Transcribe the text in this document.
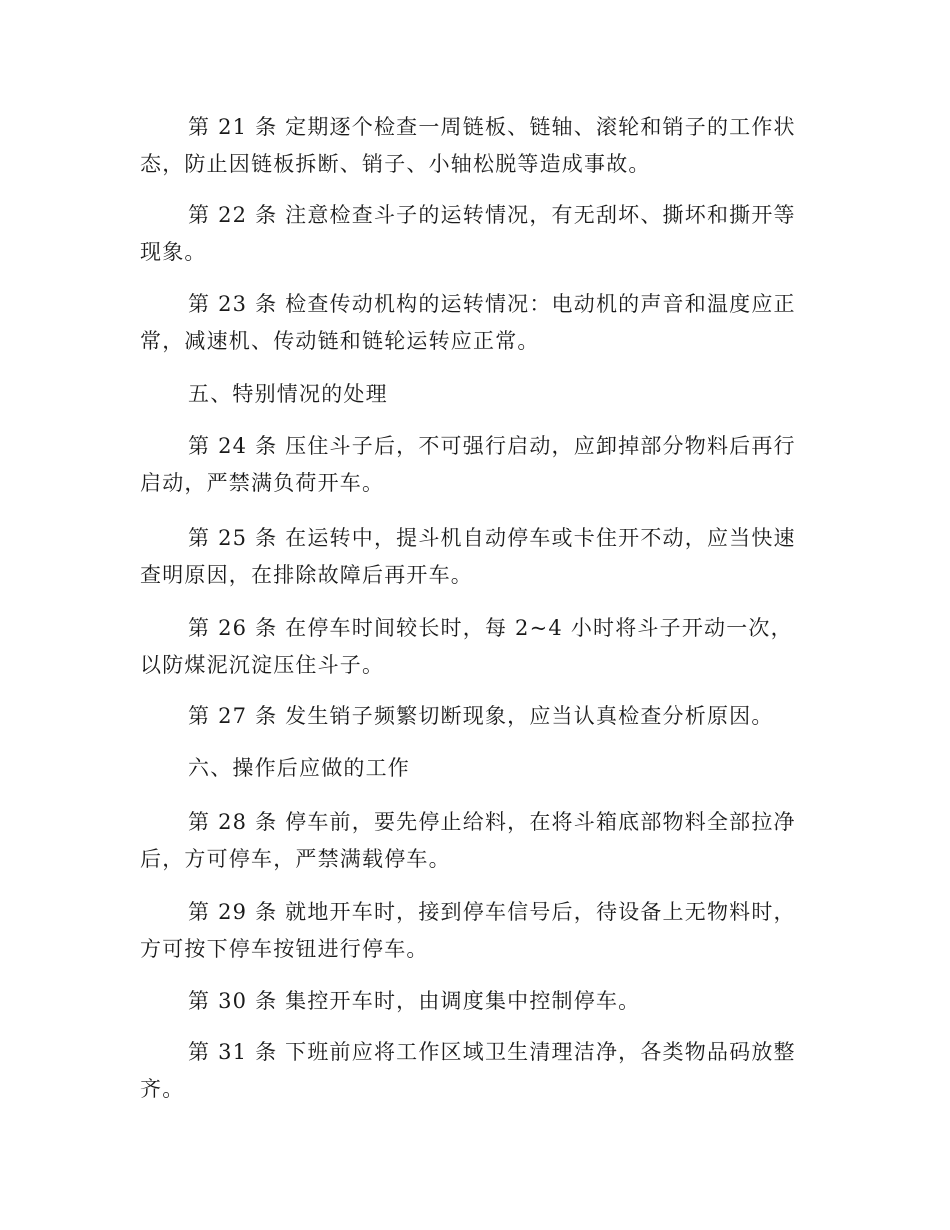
第 21 条 定期逐个检查一周链板、链轴、滚轮和销子的工作状态，防止因链板拆断、销子、小轴松脱等造成事故。

第 22 条 注意检查斗子的运转情况，有无刮坏、撕坏和撕开等现象。

第 23 条 检查传动机构的运转情况：电动机的声音和温度应正常，减速机、传动链和链轮运转应正常。

五、特别情况的处理

第 24 条 压住斗子后，不可强行启动，应卸掉部分物料后再行启动，严禁满负荷开车。

第 25 条 在运转中，提斗机自动停车或卡住开不动，应当快速查明原因，在排除故障后再开车。

第 26 条 在停车时间较长时，每 2~4 小时将斗子开动一次，以防煤泥沉淀压住斗子。

第 27 条 发生销子频繁切断现象，应当认真检查分析原因。

六、操作后应做的工作

第 28 条 停车前，要先停止给料，在将斗箱底部物料全部拉净后，方可停车，严禁满载停车。

第 29 条 就地开车时，接到停车信号后，待设备上无物料时，方可按下停车按钮进行停车。

第 30 条 集控开车时，由调度集中控制停车。

第 31 条 下班前应将工作区域卫生清理洁净，各类物品码放整齐。
